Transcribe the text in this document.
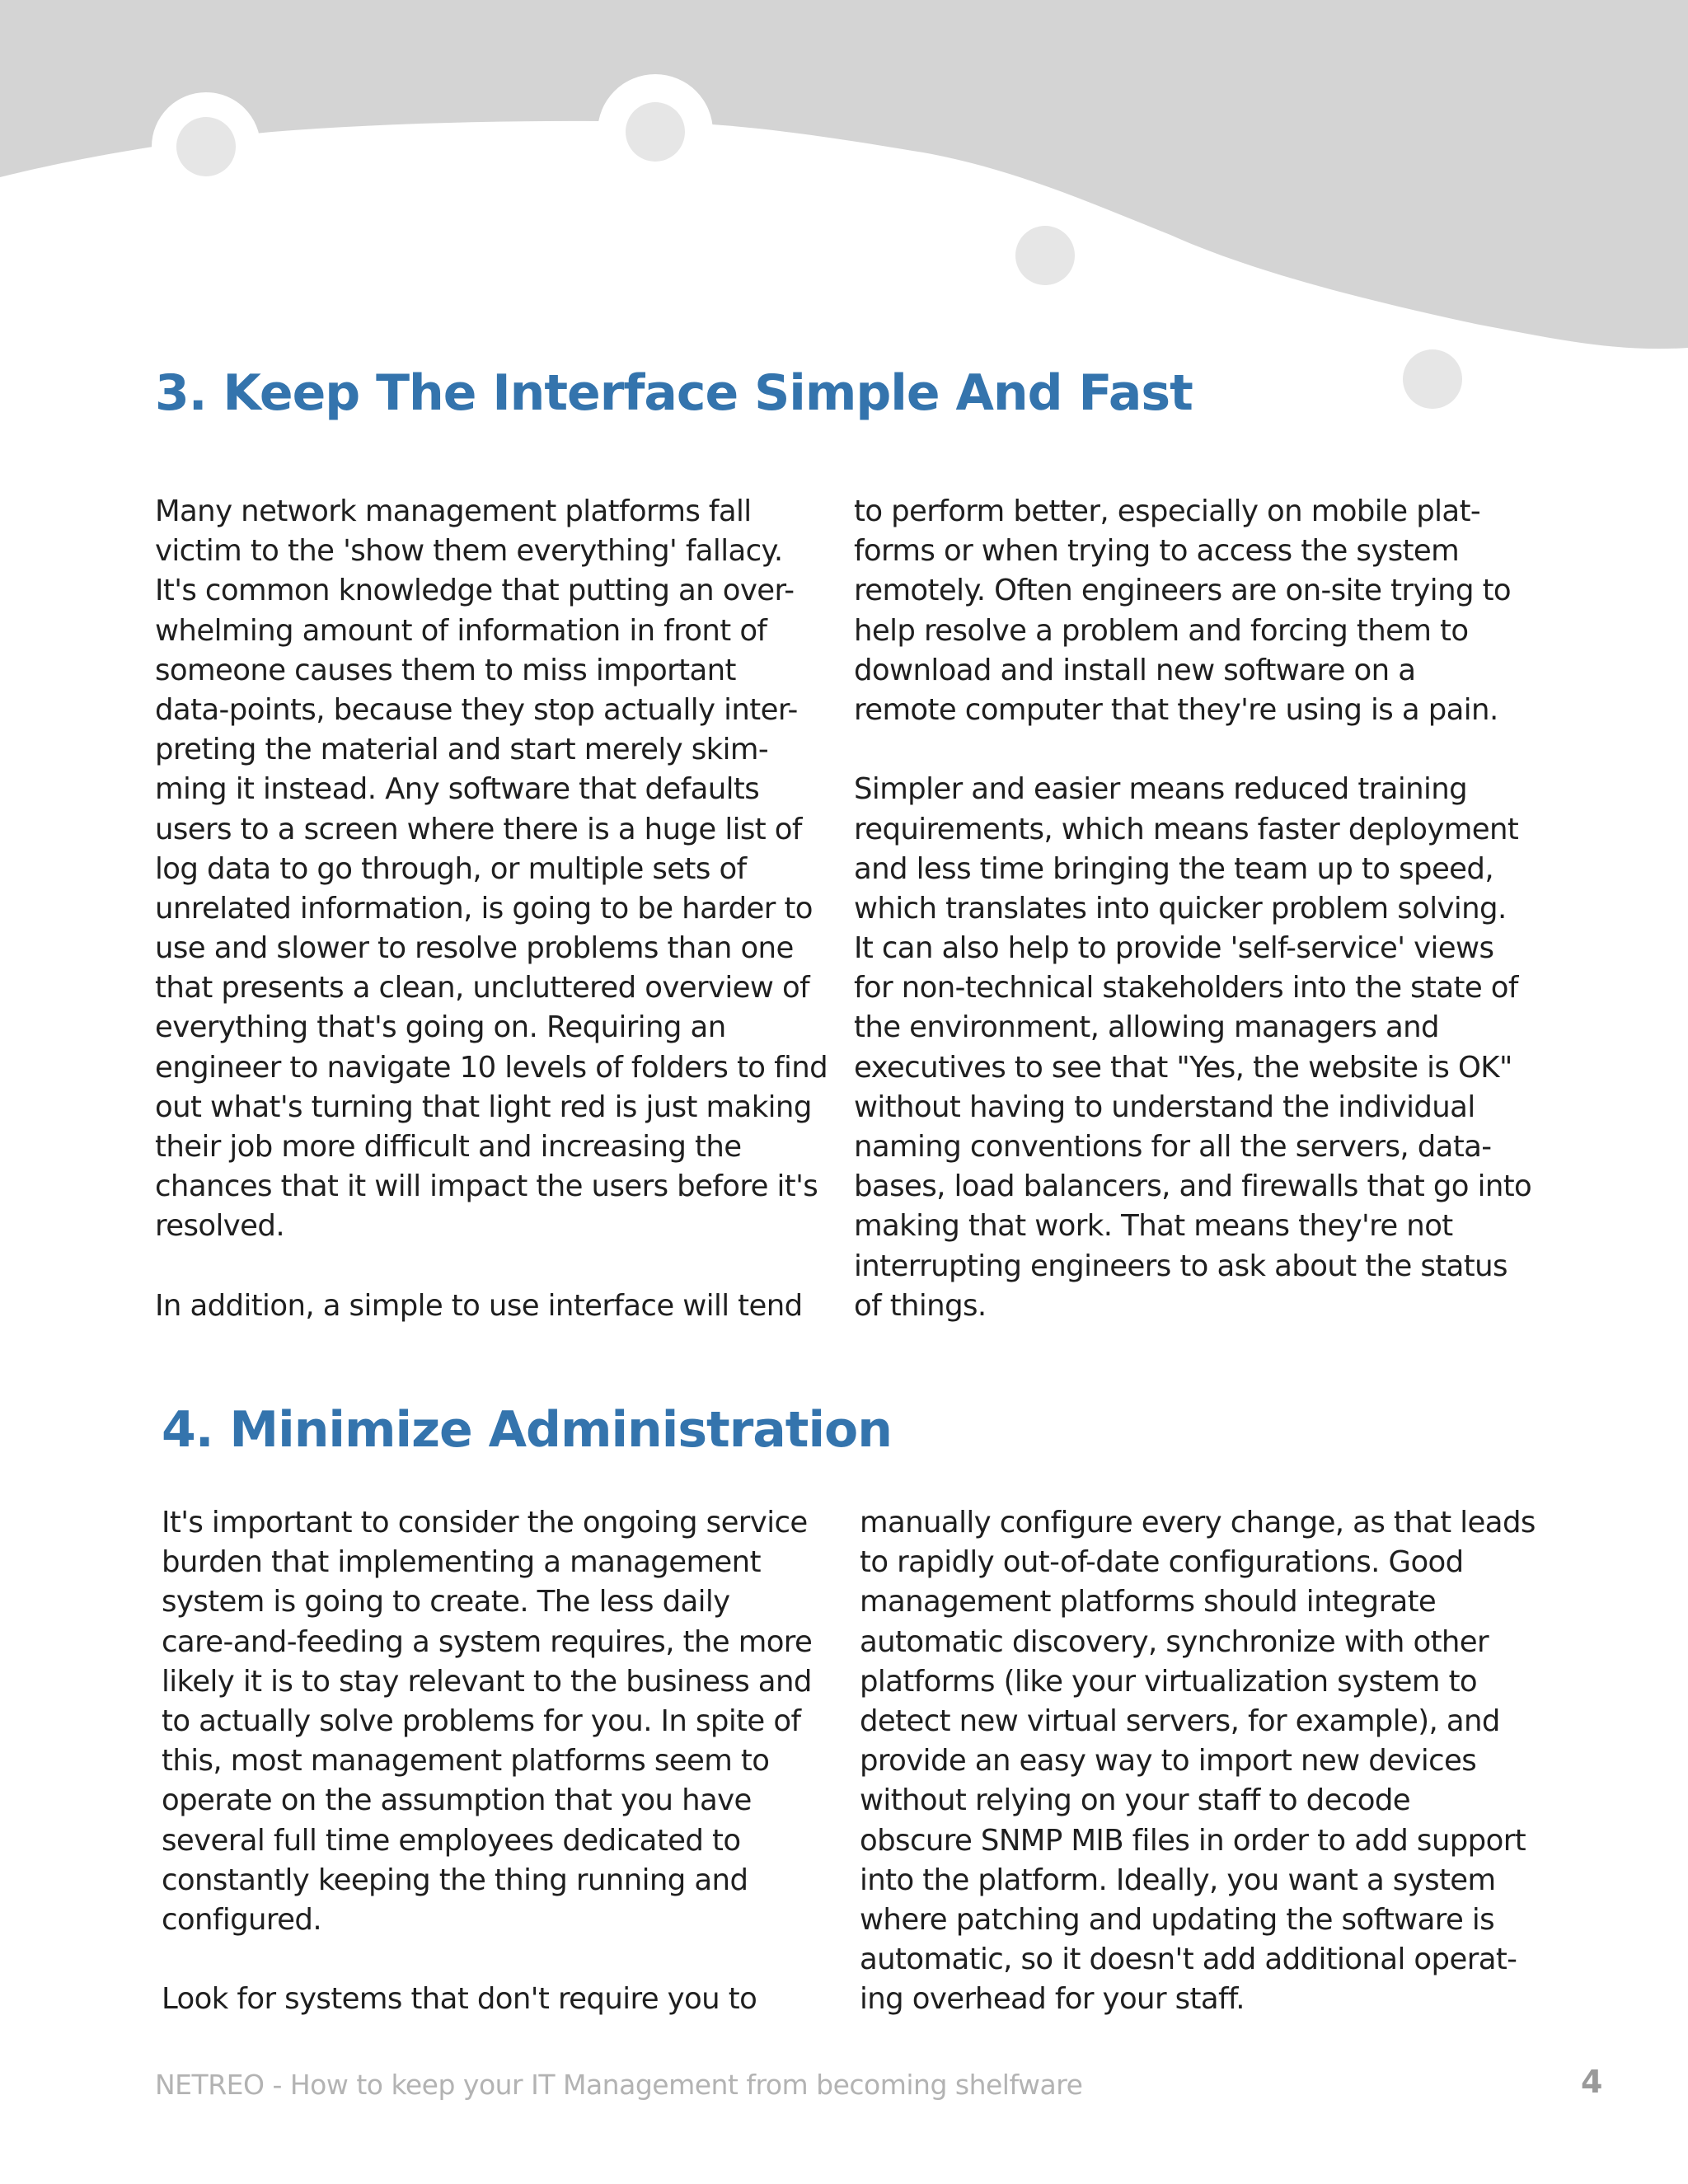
3. Keep The Interface Simple And Fast
Many network management platforms fall
victim to the 'show them everything' fallacy.
It's common knowledge that putting an over-
whelming amount of information in front of
someone causes them to miss important
data-points, because they stop actually inter-
preting the material and start merely skim-
ming it instead. Any software that defaults
users to a screen where there is a huge list of
log data to go through, or multiple sets of
unrelated information, is going to be harder to
use and slower to resolve problems than one
that presents a clean, uncluttered overview of
everything that's going on. Requiring an
engineer to navigate 10 levels of folders to find
out what's turning that light red is just making
their job more difficult and increasing the
chances that it will impact the users before it's
resolved.
In addition, a simple to use interface will tend
to perform better, especially on mobile plat-
forms or when trying to access the system
remotely. Often engineers are on-site trying to
help resolve a problem and forcing them to
download and install new software on a
remote computer that they're using is a pain.
Simpler and easier means reduced training
requirements, which means faster deployment
and less time bringing the team up to speed,
which translates into quicker problem solving.
It can also help to provide 'self-service' views
for non-technical stakeholders into the state of
the environment, allowing managers and
executives to see that "Yes, the website is OK"
without having to understand the individual
naming conventions for all the servers, data-
bases, load balancers, and firewalls that go into
making that work. That means they're not
interrupting engineers to ask about the status
of things.
4. Minimize Administration
It's important to consider the ongoing service
burden that implementing a management
system is going to create. The less daily
care-and-feeding a system requires, the more
likely it is to stay relevant to the business and
to actually solve problems for you. In spite of
this, most management platforms seem to
operate on the assumption that you have
several full time employees dedicated to
constantly keeping the thing running and
configured.
Look for systems that don't require you to
manually configure every change, as that leads
to rapidly out-of-date configurations. Good
management platforms should integrate
automatic discovery, synchronize with other
platforms (like your virtualization system to
detect new virtual servers, for example), and
provide an easy way to import new devices
without relying on your staff to decode
obscure SNMP MIB files in order to add support
into the platform. Ideally, you want a system
where patching and updating the software is
automatic, so it doesn't add additional operat-
ing overhead for your staff.
NETREO - How to keep your IT Management from becoming shelfware	4
